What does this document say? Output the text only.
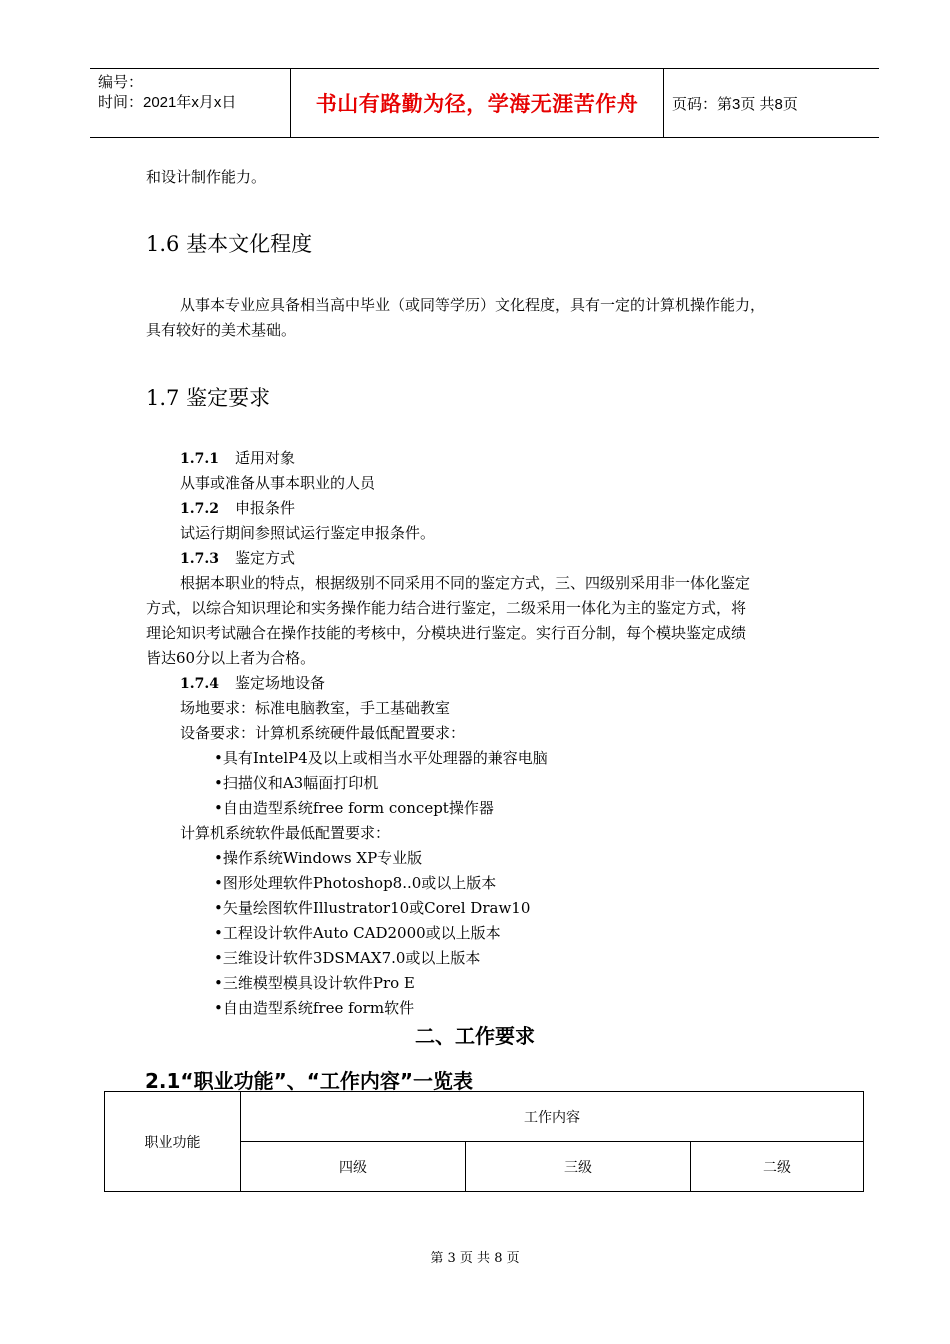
编号：
时间：2021年x月x日	书山有路勤为径，学海无涯苦作舟 页码：第3页 共8页
和设计制作能力。
1.6 基本文化程度
从事本专业应具备相当高中毕业（或同等学历）文化程度，具有一定的计算机操作能力，
具有较好的美术基础。
1.7 鉴定要求
1.7.1 适用对象
从事或准备从事本职业的人员
1.7.2 申报条件
试运行期间参照试运行鉴定申报条件。
1.7.3 鉴定方式
根据本职业的特点，根据级别不同采用不同的鉴定方式，三、四级别采用非一体化鉴定
方式，以综合知识理论和实务操作能力结合进行鉴定，二级采用一体化为主的鉴定方式，将
理论知识考试融合在操作技能的考核中，分模块进行鉴定。实行百分制，每个模块鉴定成绩
皆达60分以上者为合格。
1.7.4 鉴定场地设备
场地要求：标准电脑教室，手工基础教室
设备要求：计算机系统硬件最低配置要求：
•具有IntelP4及以上或相当水平处理器的兼容电脑
•扫描仪和A3幅面打印机
•自由造型系统free form concept操作器
计算机系统软件最低配置要求：
•操作系统Windows XP专业版
•图形处理软件Photoshop8..0或以上版本
•矢量绘图软件Illustrator10或Corel Draw10
•工程设计软件Auto CAD2000或以上版本
•三维设计软件3DSMAX7.0或以上版本
•三维模型模具设计软件Pro E
•自由造型系统free form软件
二、工作要求
2.1“职业功能”、“工作内容”一览表
职业功能	工作内容		
	四级	三级	二级
第 3 页 共 8 页
